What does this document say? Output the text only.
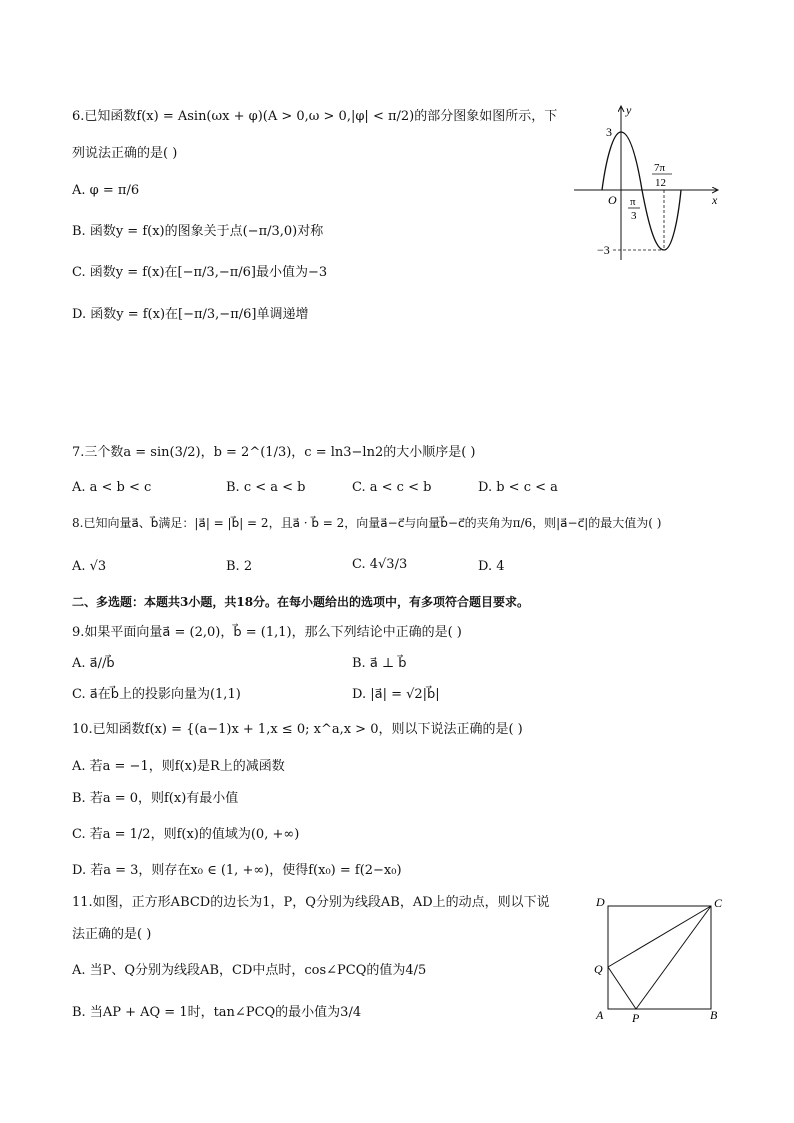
6.已知函数f(x) = Asin(ωx + φ)(A > 0,ω > 0,|φ| < π/2)的部分图象如图所示，下
列说法正确的是( )
A. φ = π/6
B. 函数y = f(x)的图象关于点(−π/3,0)对称
C. 函数y = f(x)在[−π/3,−π/6]最小值为−3
D. 函数y = f(x)在[−π/3,−π/6]单调递增
y
x
O
3
−3
π
3
7π
12
7.三个数a = sin(3/2)，b = 2^(1/3)，c = ln3−ln2的大小顺序是( )
A. a < b < c	B. c < a < b	C. a < c < b	D. b < c < a
8.已知向量a⃗、b⃗满足：|a⃗| = |b⃗| = 2，且a⃗ · b⃗ = 2，向量a⃗−c⃗与向量b⃗−c⃗的夹角为π/6，则|a⃗−c⃗|的最大值为( )
A. √3	B. 2	C. 4√3/3	D. 4
二、多选题：本题共3小题，共18分。在每小题给出的选项中，有多项符合题目要求。
9.如果平面向量a⃗ = (2,0)，b⃗ = (1,1)，那么下列结论中正确的是( )
A. a⃗//b⃗	B. a⃗ ⊥ b⃗
C. a⃗在b⃗上的投影向量为(1,1)	D. |a⃗| = √2|b⃗|
10.已知函数f(x) = {(a−1)x + 1,x ≤ 0; x^a,x > 0，则以下说法正确的是( )
A. 若a = −1，则f(x)是R上的减函数
B. 若a = 0，则f(x)有最小值
C. 若a = 1/2，则f(x)的值域为(0, +∞)
D. 若a = 3，则存在x₀ ∈ (1, +∞)，使得f(x₀) = f(2−x₀)
11.如图，正方形ABCD的边长为1，P，Q分别为线段AB，AD上的动点，则以下说
法正确的是( )
A. 当P、Q分别为线段AB，CD中点时，cos∠PCQ的值为4/5
B. 当AP + AQ = 1时，tan∠PCQ的最小值为3/4
D	C
Q
A P	B
